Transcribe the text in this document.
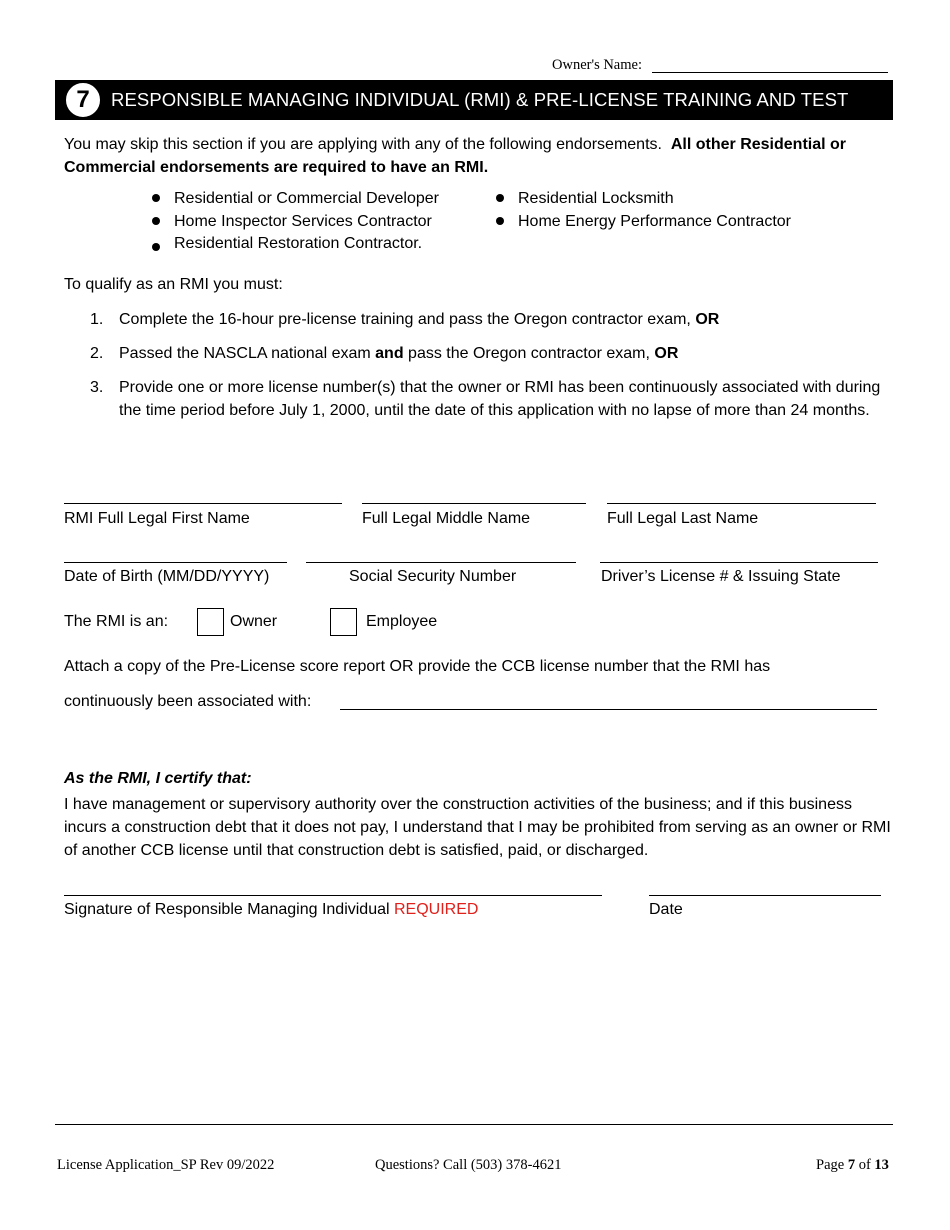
Owner's Name:
7	RESPONSIBLE MANAGING INDIVIDUAL (RMI) & PRE-LICENSE TRAINING AND TEST
You may skip this section if you are applying with any of the following endorsements. All other Residential or Commercial endorsements are required to have an RMI.
Residential or Commercial Developer
Home Inspector Services Contractor
Residential Restoration Contractor.
Residential Locksmith
Home Energy Performance Contractor
To qualify as an RMI you must:
1. Complete the 16-hour pre-license training and pass the Oregon contractor exam, OR
2. Passed the NASCLA national exam and pass the Oregon contractor exam, OR
3. Provide one or more license number(s) that the owner or RMI has been continuously associated with during the time period before July 1, 2000, until the date of this application with no lapse of more than 24 months.
RMI Full Legal First Name	Full Legal Middle Name	Full Legal Last Name
Date of Birth (MM/DD/YYYY)	Social Security Number	Driver’s License # & Issuing State
The RMI is an:	Owner	Employee
Attach a copy of the Pre-License score report OR provide the CCB license number that the RMI has
continuously been associated with:
As the RMI, I certify that:
I have management or supervisory authority over the construction activities of the business; and if this business incurs a construction debt that it does not pay, I understand that I may be prohibited from serving as an owner or RMI of another CCB license until that construction debt is satisfied, paid, or discharged.
Signature of Responsible Managing Individual REQUIRED	Date
License Application_SP Rev 09/2022	Questions? Call (503) 378-4621	Page 7 of 13
